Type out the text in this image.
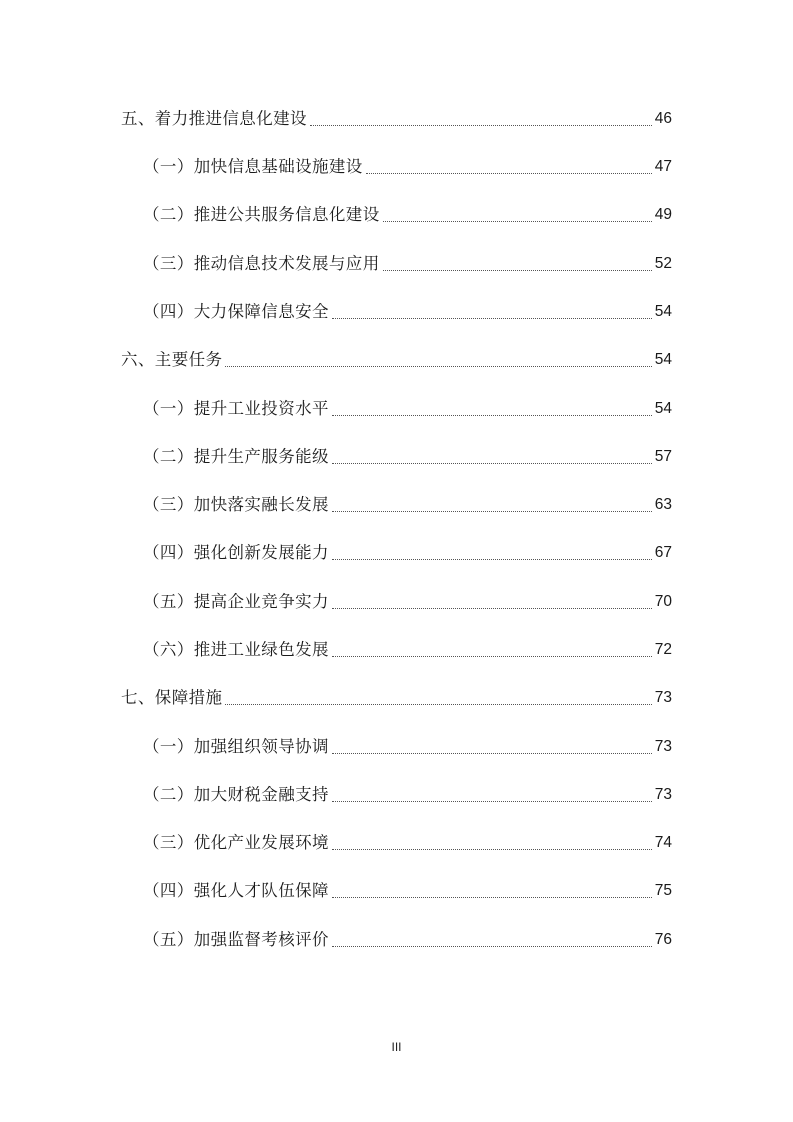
五、着力推进信息化建设	46
（一）加快信息基础设施建设	47
（二）推进公共服务信息化建设	49
（三）推动信息技术发展与应用	52
（四）大力保障信息安全	54
六、主要任务	54
（一）提升工业投资水平	54
（二）提升生产服务能级	57
（三）加快落实融长发展	63
（四）强化创新发展能力	67
（五）提高企业竞争实力	70
（六）推进工业绿色发展	72
七、保障措施	73
（一）加强组织领导协调	73
（二）加大财税金融支持	73
（三）优化产业发展环境	74
（四）强化人才队伍保障	75
（五）加强监督考核评价	76
III
